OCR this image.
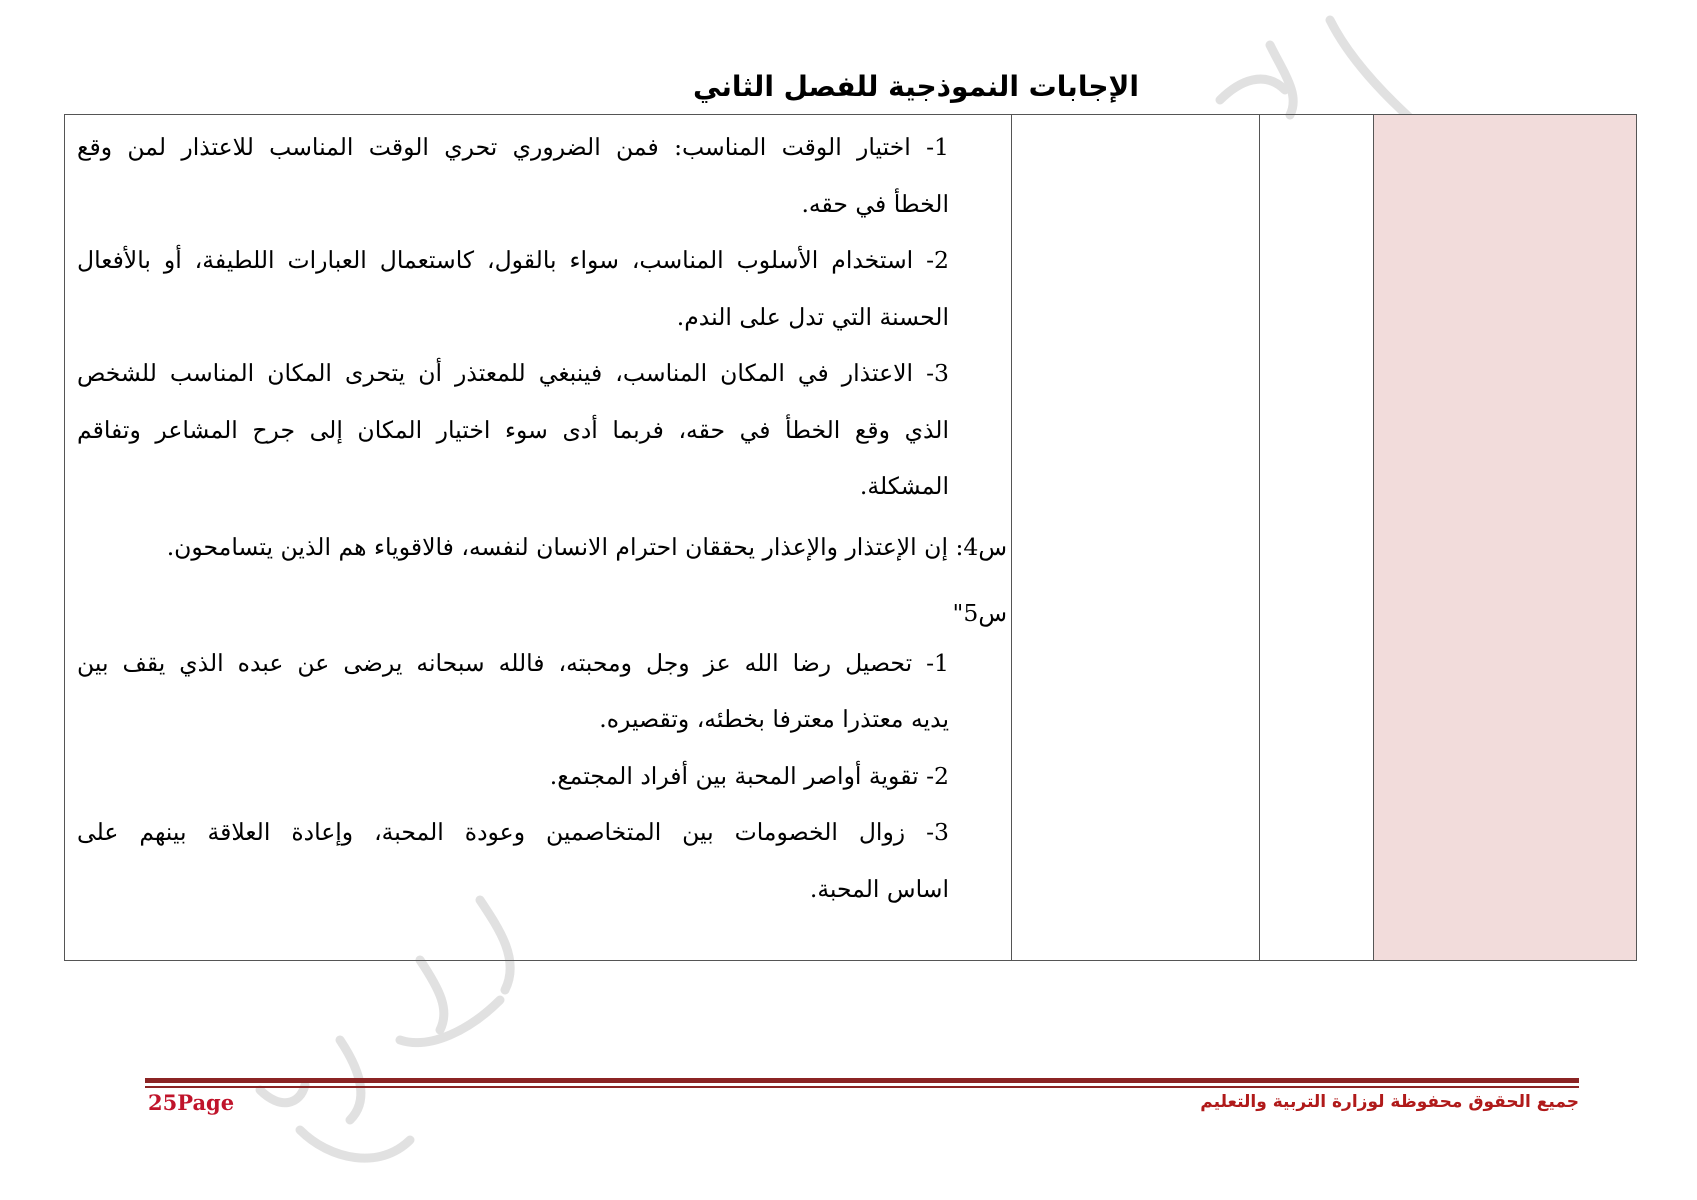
الإجابات النموذجية للفصل الثاني
1- اختيار الوقت المناسب: فمن الضروري تحري الوقت المناسب للاعتذار لمن وقع
الخطأ في حقه.
2- استخدام الأسلوب المناسب، سواء بالقول، كاستعمال العبارات اللطيفة، أو بالأفعال
الحسنة التي تدل على الندم.
3- الاعتذار في المكان المناسب، فينبغي للمعتذر أن يتحرى المكان المناسب للشخص
الذي وقع الخطأ في حقه، فربما أدى سوء اختيار المكان إلى جرح المشاعر وتفاقم
المشكلة.
س4: إن الإعتذار والإعذار يحققان احترام الانسان لنفسه، فالاقوياء هم الذين يتسامحون.
س5"
1- تحصيل رضا الله عز وجل ومحبته، فالله سبحانه يرضى عن عبده الذي يقف بين
يديه معتذرا معترفا بخطئه، وتقصيره.
2- تقوية أواصر المحبة بين أفراد المجتمع.
3- زوال الخصومات بين المتخاصمين وعودة المحبة، وإعادة العلاقة بينهم على
اساس المحبة.

جميع الحقوق محفوظة لوزارة التربية والتعليم
25Page
